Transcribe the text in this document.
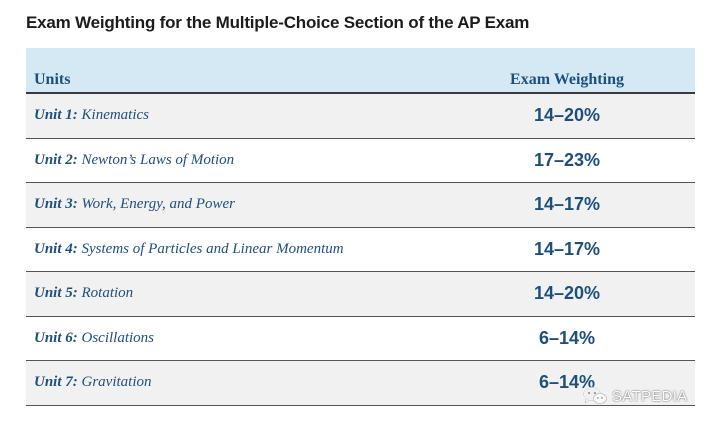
Exam Weighting for the Multiple-Choice Section of the AP Exam
Units	Exam Weighting
Unit 1: Kinematics	14–20%
Unit 2: Newton’s Laws of Motion	17–23%
Unit 3: Work, Energy, and Power	14–17%
Unit 4: Systems of Particles and Linear Momentum	14–17%
Unit 5: Rotation	14–20%
Unit 6: Oscillations	6–14%
Unit 7: Gravitation	6–14%
SATPEDIA
